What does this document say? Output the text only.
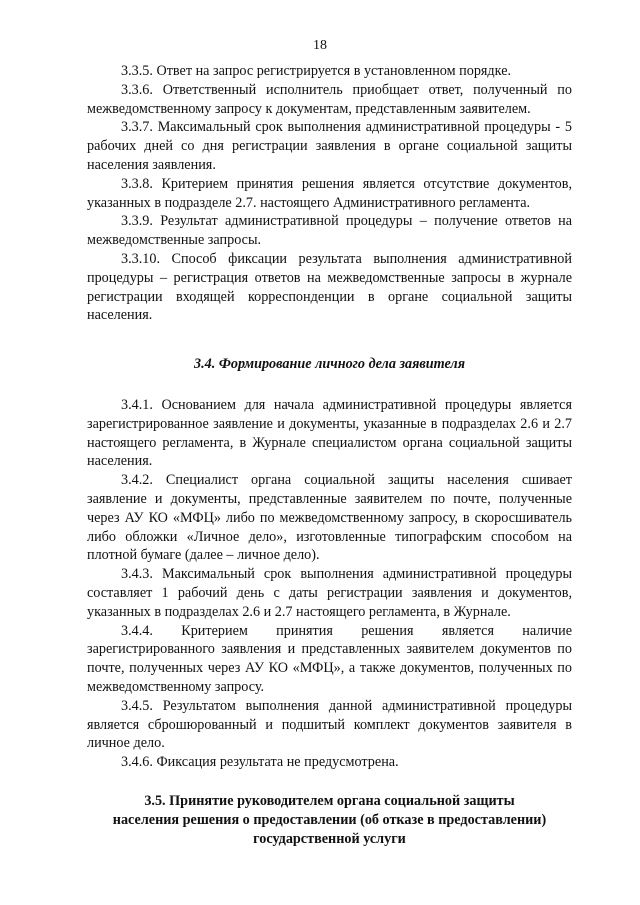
18

3.3.5. Ответ на запрос регистрируется в установленном порядке.

3.3.6. Ответственный исполнитель приобщает ответ, полученный по межведомственному запросу к документам, представленным заявителем.

3.3.7. Максимальный срок выполнения административной процедуры - 5 рабочих дней со дня регистрации заявления в органе социальной защиты населения заявления.

3.3.8. Критерием принятия решения является отсутствие документов, указанных в подразделе 2.7. настоящего Административного регламента.

3.3.9. Результат административной процедуры – получение ответов на межведомственные запросы.

3.3.10. Способ фиксации результата выполнения административной процедуры – регистрация ответов на межведомственные запросы в журнале регистрации входящей корреспонденции в органе социальной защиты населения.

3.4. Формирование личного дела заявителя

3.4.1. Основанием для начала административной процедуры является зарегистрированное заявление и документы, указанные в подразделах 2.6 и 2.7 настоящего регламента, в Журнале специалистом органа социальной защиты населения.

3.4.2. Специалист органа социальной защиты населения сшивает заявление и документы, представленные заявителем по почте, полученные через АУ КО «МФЦ» либо по межведомственному запросу, в скоросшиватель либо обложки «Личное дело», изготовленные типографским способом на плотной бумаге (далее – личное дело).

3.4.3. Максимальный срок выполнения административной процедуры составляет 1 рабочий день с даты регистрации заявления и документов, указанных в подразделах 2.6 и 2.7 настоящего регламента, в Журнале.

3.4.4. Критерием принятия решения является наличие зарегистрированного заявления и представленных заявителем документов по почте, полученных через АУ КО «МФЦ», а также документов, полученных по межведомственному запросу.

3.4.5. Результатом выполнения данной административной процедуры является сброшюрованный и подшитый комплект документов заявителя в личное дело.

3.4.6. Фиксация результата не предусмотрена.

3.5. Принятие руководителем органа социальной защиты
населения решения о предоставлении (об отказе в предоставлении)
государственной услуги
